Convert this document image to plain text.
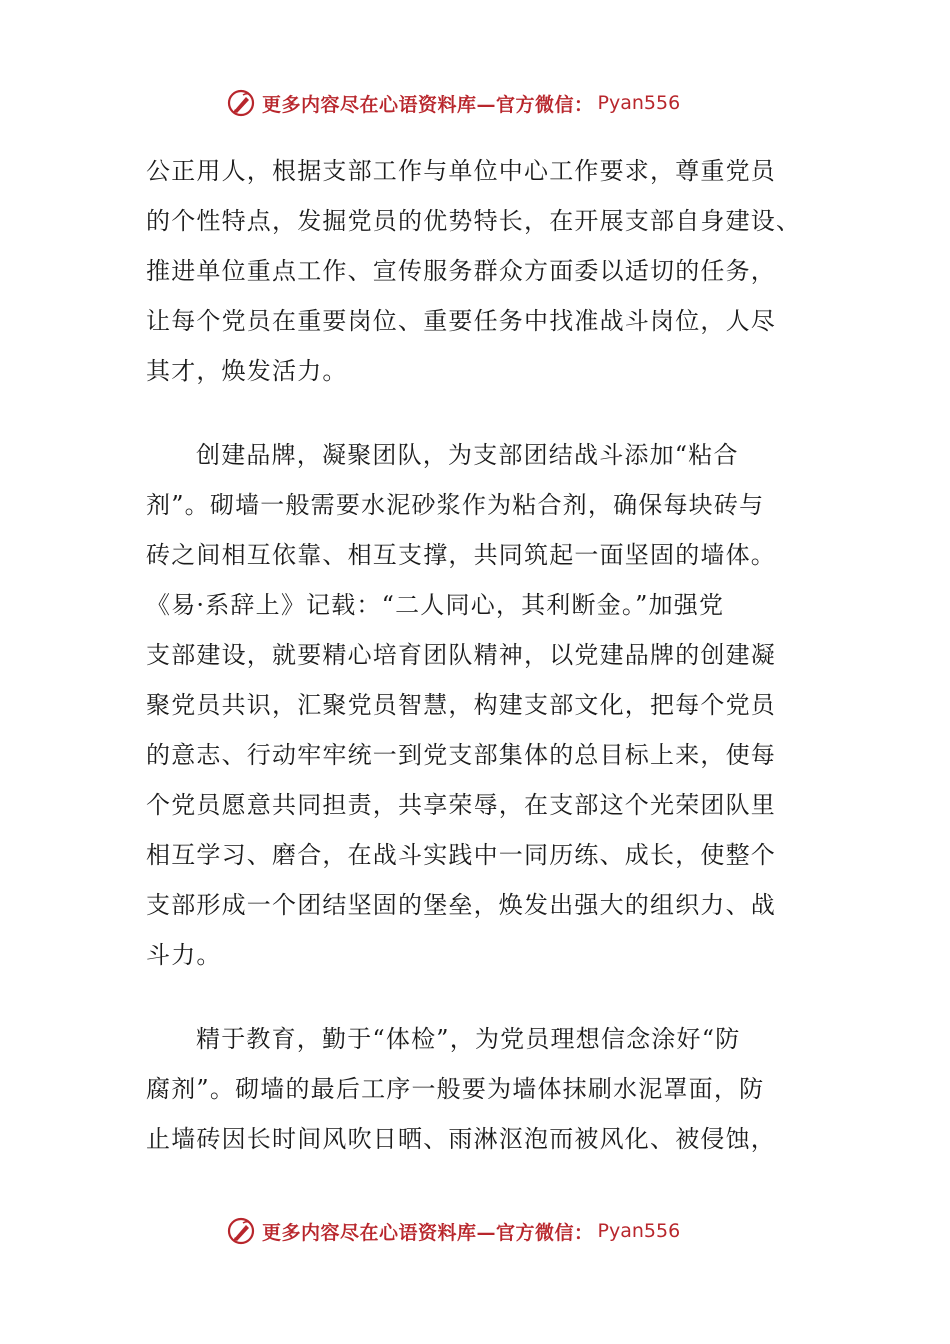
更多内容尽在心语资料库—官方微信： Pyan556

公正用人，根据支部工作与单位中心工作要求，尊重党员
的个性特点，发掘党员的优势特长，在开展支部自身建设、
推进单位重点工作、宣传服务群众方面委以适切的任务，
让每个党员在重要岗位、重要任务中找准战斗岗位，人尽
其才，焕发活力。

创建品牌，凝聚团队，为支部团结战斗添加“粘合
剂”。砌墙一般需要水泥砂浆作为粘合剂，确保每块砖与
砖之间相互依靠、相互支撑，共同筑起一面坚固的墙体。
《易·系辞上》记载：“二人同心，其利断金。”加强党
支部建设，就要精心培育团队精神，以党建品牌的创建凝
聚党员共识，汇聚党员智慧，构建支部文化，把每个党员
的意志、行动牢牢统一到党支部集体的总目标上来，使每
个党员愿意共同担责，共享荣辱，在支部这个光荣团队里
相互学习、磨合，在战斗实践中一同历练、成长，使整个
支部形成一个团结坚固的堡垒，焕发出强大的组织力、战
斗力。

精于教育，勤于“体检”，为党员理想信念涂好“防
腐剂”。砌墙的最后工序一般要为墙体抹刷水泥罩面，防
止墙砖因长时间风吹日晒、雨淋沤泡而被风化、被侵蚀，

更多内容尽在心语资料库—官方微信： Pyan556
